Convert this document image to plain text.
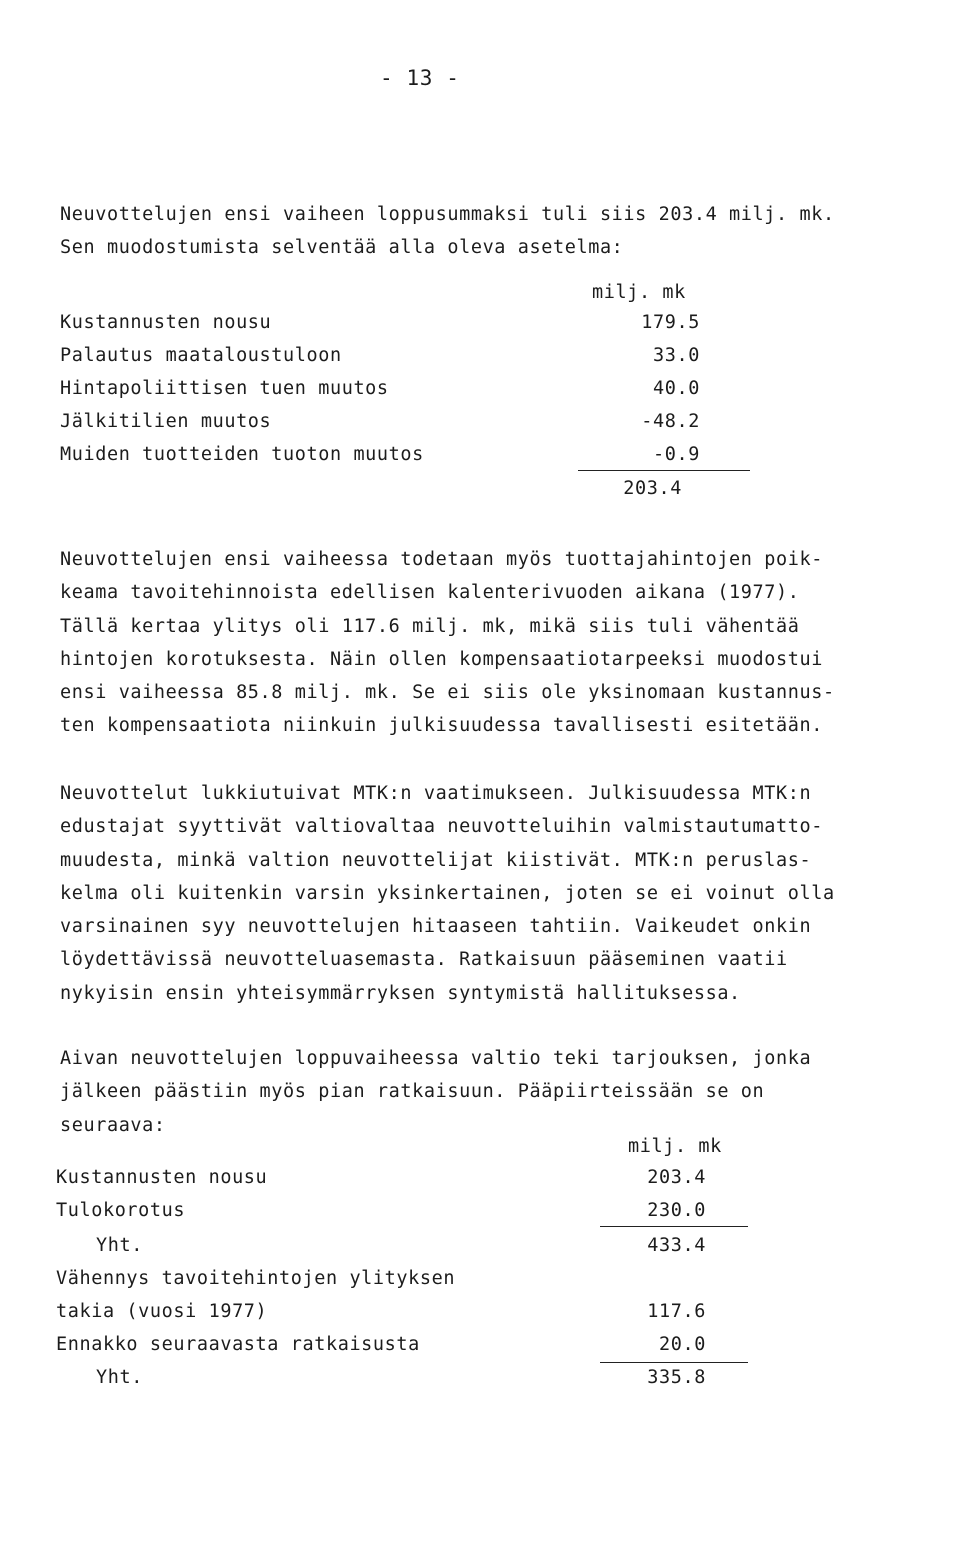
- 13 -
Neuvottelujen ensi vaiheen loppusummaksi tuli siis 203.4 milj. mk.
Sen muodostumista selventää alla oleva asetelma:
milj. mk
Kustannusten nousu	179.5
Palautus maataloustuloon	33.0
Hintapoliittisen tuen muutos	40.0
Jälkitilien muutos	-48.2
Muiden tuotteiden tuoton muutos	-0.9
203.4
Neuvottelujen ensi vaiheessa todetaan myös tuottajahintojen poik-
keama tavoitehinnoista edellisen kalenterivuoden aikana (1977).
Tällä kertaa ylitys oli 117.6 milj. mk, mikä siis tuli vähentää
hintojen korotuksesta. Näin ollen kompensaatiotarpeeksi muodostui
ensi vaiheessa 85.8 milj. mk. Se ei siis ole yksinomaan kustannus-
ten kompensaatiota niinkuin julkisuudessa tavallisesti esitetään.
Neuvottelut lukkiutuivat MTK:n vaatimukseen. Julkisuudessa MTK:n
edustajat syyttivät valtiovaltaa neuvotteluihin valmistautumatto-
muudesta, minkä valtion neuvottelijat kiistivät. MTK:n peruslas-
kelma oli kuitenkin varsin yksinkertainen, joten se ei voinut olla
varsinainen syy neuvottelujen hitaaseen tahtiin. Vaikeudet onkin
löydettävissä neuvotteluasemasta. Ratkaisuun pääseminen vaatii
nykyisin ensin yhteisymmärryksen syntymistä hallituksessa.
Aivan neuvottelujen loppuvaiheessa valtio teki tarjouksen, jonka
jälkeen päästiin myös pian ratkaisuun. Pääpiirteissään se on
seuraava:
milj. mk
Kustannusten nousu	203.4
Tulokorotus	230.0
Yht.	433.4
Vähennys tavoitehintojen ylityksen
takia (vuosi 1977)	117.6
Ennakko seuraavasta ratkaisusta	20.0
Yht.	335.8
